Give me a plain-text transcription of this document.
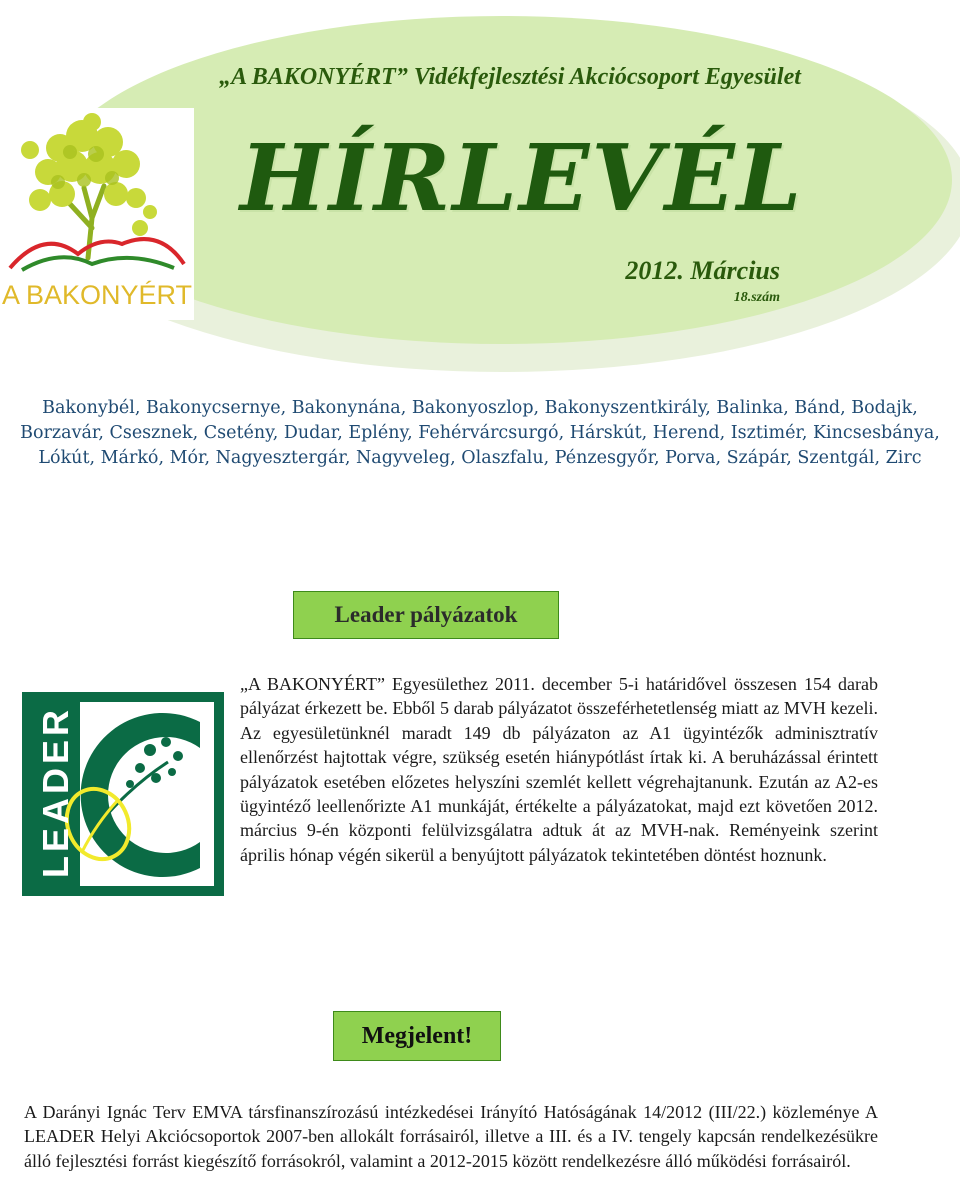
„A BAKONYÉRT” Vidékfejlesztési Akciócsoport Egyesület
HÍRLEVÉL
2012. Március
18.szám
A BAKONYÉRT
Bakonybél, Bakonycsernye, Bakonynána, Bakonyoszlop, Bakonyszentkirály, Balinka, Bánd, Bodajk, Borzavár, Csesznek, Csetény, Dudar, Eplény, Fehérvárcsurgó, Hárskút, Herend, Isztimér, Kincsesbánya, Lókút, Márkó, Mór, Nagyesztergár, Nagyveleg, Olaszfalu, Pénzesgyőr, Porva, Szápár, Szentgál, Zirc
Leader pályázatok
LEADER
„A BAKONYÉRT” Egyesülethez 2011. december 5-i határidővel összesen 154 darab pályázat érkezett be. Ebből 5 darab pályázatot összeférhetetlenség miatt az MVH kezeli. Az egyesületünknél maradt 149 db pályázaton az A1 ügyintézők adminisztratív ellenőrzést hajtottak végre, szükség esetén hiánypótlást írtak ki. A beruházással érintett pályázatok esetében előzetes helyszíni szemlét kellett végrehajtanunk. Ezután az A2-es ügyintéző leellenőrizte A1 munkáját, értékelte a pályázatokat, majd ezt követően 2012. március 9-én központi felülvizsgálatra adtuk át az MVH-nak. Reményeink szerint április hónap végén sikerül a benyújtott pályázatok tekintetében döntést hoznunk.
Megjelent!
A Darányi Ignác Terv EMVA társfinanszírozású intézkedései Irányító Hatóságának 14/2012 (III/22.) közleménye A LEADER Helyi Akciócsoportok 2007-ben allokált forrásairól, illetve a III. és a IV. tengely kapcsán rendelkezésükre álló fejlesztési forrást kiegészítő forrásokról, valamint a 2012-2015 között rendelkezésre álló működési forrásairól.
